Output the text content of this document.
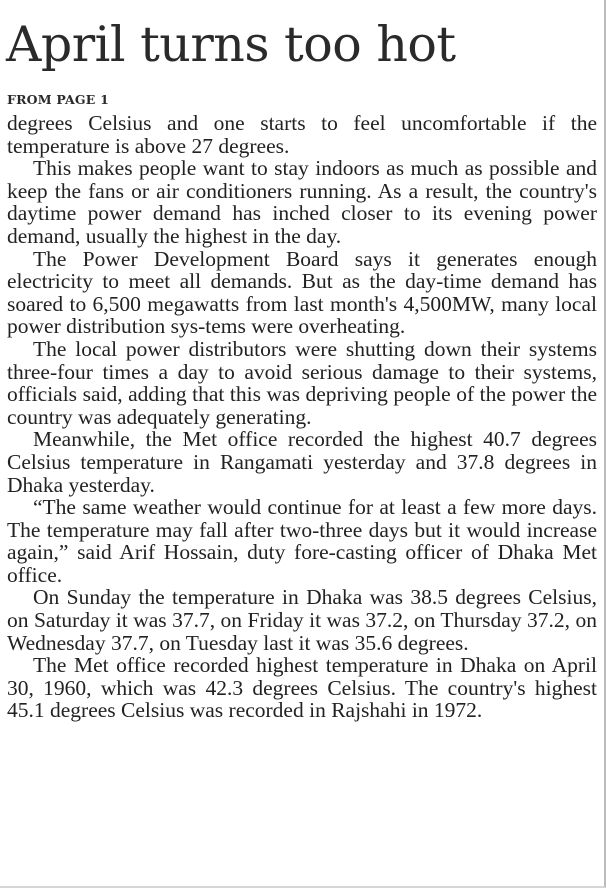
April turns too hot
FROM PAGE 1

degrees Celsius and one starts to feel uncomfortable if the temperature is above 27 degrees.

This makes people want to stay indoors as much as possible and keep the fans or air conditioners running. As a result, the country's daytime power demand has inched closer to its evening power demand, usually the highest in the day.

The Power Development Board says it generates enough electricity to meet all demands. But as the day-time demand has soared to 6,500 megawatts from last month's 4,500MW, many local power distribution sys-tems were overheating.

The local power distributors were shutting down their systems three-four times a day to avoid serious damage to their systems, officials said, adding that this was depriving people of the power the country was adequately generating.

Meanwhile, the Met office recorded the highest 40.7 degrees Celsius temperature in Rangamati yesterday and 37.8 degrees in Dhaka yesterday.

“The same weather would continue for at least a few more days. The temperature may fall after two-three days but it would increase again,” said Arif Hossain, duty fore-casting officer of Dhaka Met office.

On Sunday the temperature in Dhaka was 38.5 degrees Celsius, on Saturday it was 37.7, on Friday it was 37.2, on Thursday 37.2, on Wednesday 37.7, on Tuesday last it was 35.6 degrees.

The Met office recorded highest temperature in Dhaka on April 30, 1960, which was 42.3 degrees Celsius. The country's highest 45.1 degrees Celsius was recorded in Rajshahi in 1972.
